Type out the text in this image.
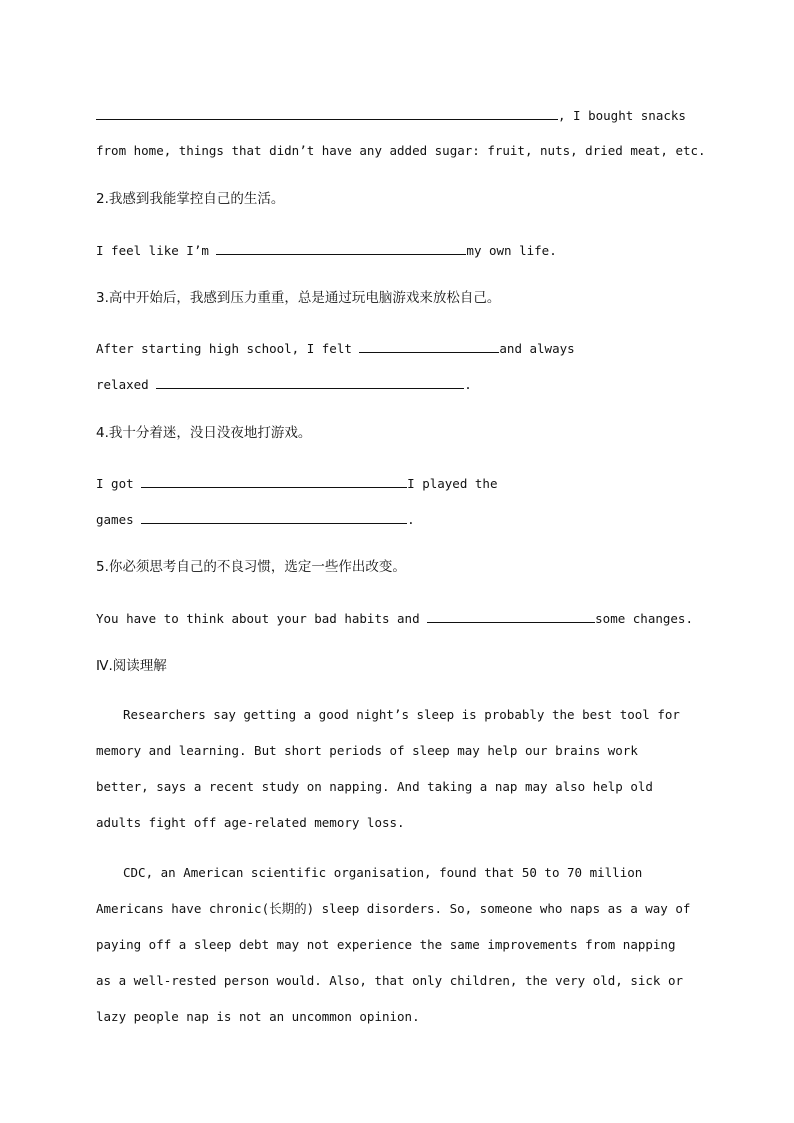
, I bought snacks
from home, things that didn’t have any added sugar: fruit, nuts, dried meat, etc.
2.我感到我能掌控自己的生活。
I feel like I’m	my own life.
3.高中开始后，我感到压力重重，总是通过玩电脑游戏来放松自己。
After starting high school, I felt	and always
relaxed	.
4.我十分着迷，没日没夜地打游戏。
I got	I played the
games	.
5.你必须思考自己的不良习惯，选定一些作出改变。
You have to think about your bad habits and	some changes.
Ⅳ.阅读理解
Researchers say getting a good night’s sleep is probably the best tool for memory and learning. But short periods of sleep may help our brains work better, says a recent study on napping. And taking a nap may also help old adults fight off age-related memory loss.
CDC, an American scientific organisation, found that 50 to 70 million Americans have chronic(长期的) sleep disorders. So, someone who naps as a way of paying off a sleep debt may not experience the same improvements from napping as a well-rested person would. Also, that only children, the very old, sick or lazy people nap is not an uncommon opinion.
